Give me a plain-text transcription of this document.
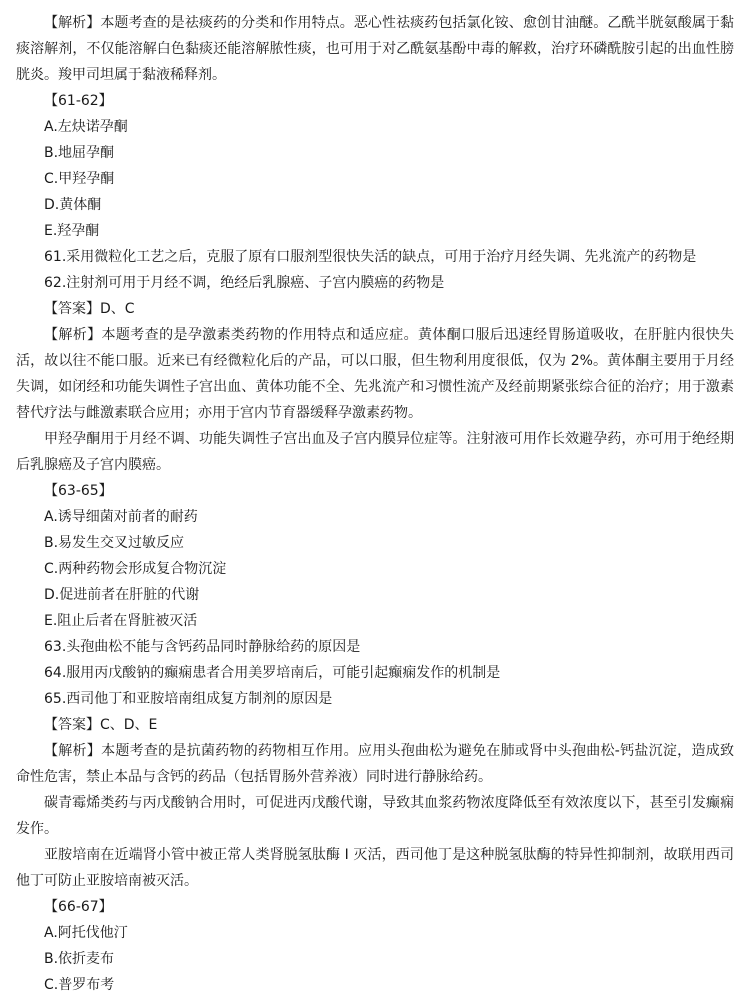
【解析】本题考查的是祛痰药的分类和作用特点。恶心性祛痰药包括氯化铵、愈创甘油醚。乙酰半胱氨酸属于黏痰溶解剂，不仅能溶解白色黏痰还能溶解脓性痰，也可用于对乙酰氨基酚中毒的解救，治疗环磷酰胺引起的出血性膀胱炎。羧甲司坦属于黏液稀释剂。

【61-62】
A.左炔诺孕酮
B.地屈孕酮
C.甲羟孕酮
D.黄体酮
E.羟孕酮
61.采用微粒化工艺之后，克服了原有口服剂型很快失活的缺点，可用于治疗月经失调、先兆流产的药物是
62.注射剂可用于月经不调，绝经后乳腺癌、子宫内膜癌的药物是
【答案】D、C

【解析】本题考查的是孕激素类药物的作用特点和适应症。黄体酮口服后迅速经胃肠道吸收，在肝脏内很快失活，故以往不能口服。近来已有经微粒化后的产品，可以口服，但生物利用度很低，仅为 2%。黄体酮主要用于月经失调，如闭经和功能失调性子宫出血、黄体功能不全、先兆流产和习惯性流产及经前期紧张综合征的治疗；用于激素替代疗法与雌激素联合应用；亦用于宫内节育器缓释孕激素药物。

甲羟孕酮用于月经不调、功能失调性子宫出血及子宫内膜异位症等。注射液可用作长效避孕药，亦可用于绝经期后乳腺癌及子宫内膜癌。

【63-65】
A.诱导细菌对前者的耐药
B.易发生交叉过敏反应
C.两种药物会形成复合物沉淀
D.促进前者在肝脏的代谢
E.阻止后者在肾脏被灭活
63.头孢曲松不能与含钙药品同时静脉给药的原因是
64.服用丙戊酸钠的癫痫患者合用美罗培南后，可能引起癫痫发作的机制是
65.西司他丁和亚胺培南组成复方制剂的原因是
【答案】C、D、E

【解析】本题考查的是抗菌药物的药物相互作用。应用头孢曲松为避免在肺或肾中头孢曲松-钙盐沉淀，造成致命性危害，禁止本品与含钙的药品（包括胃肠外营养液）同时进行静脉给药。

碳青霉烯类药与丙戊酸钠合用时，可促进丙戊酸代谢，导致其血浆药物浓度降低至有效浓度以下，甚至引发癫痫发作。

亚胺培南在近端肾小管中被正常人类肾脱氢肽酶 I 灭活，西司他丁是这种脱氢肽酶的特异性抑制剂，故联用西司他丁可防止亚胺培南被灭活。

【66-67】
A.阿托伐他汀
B.依折麦布
C.普罗布考
